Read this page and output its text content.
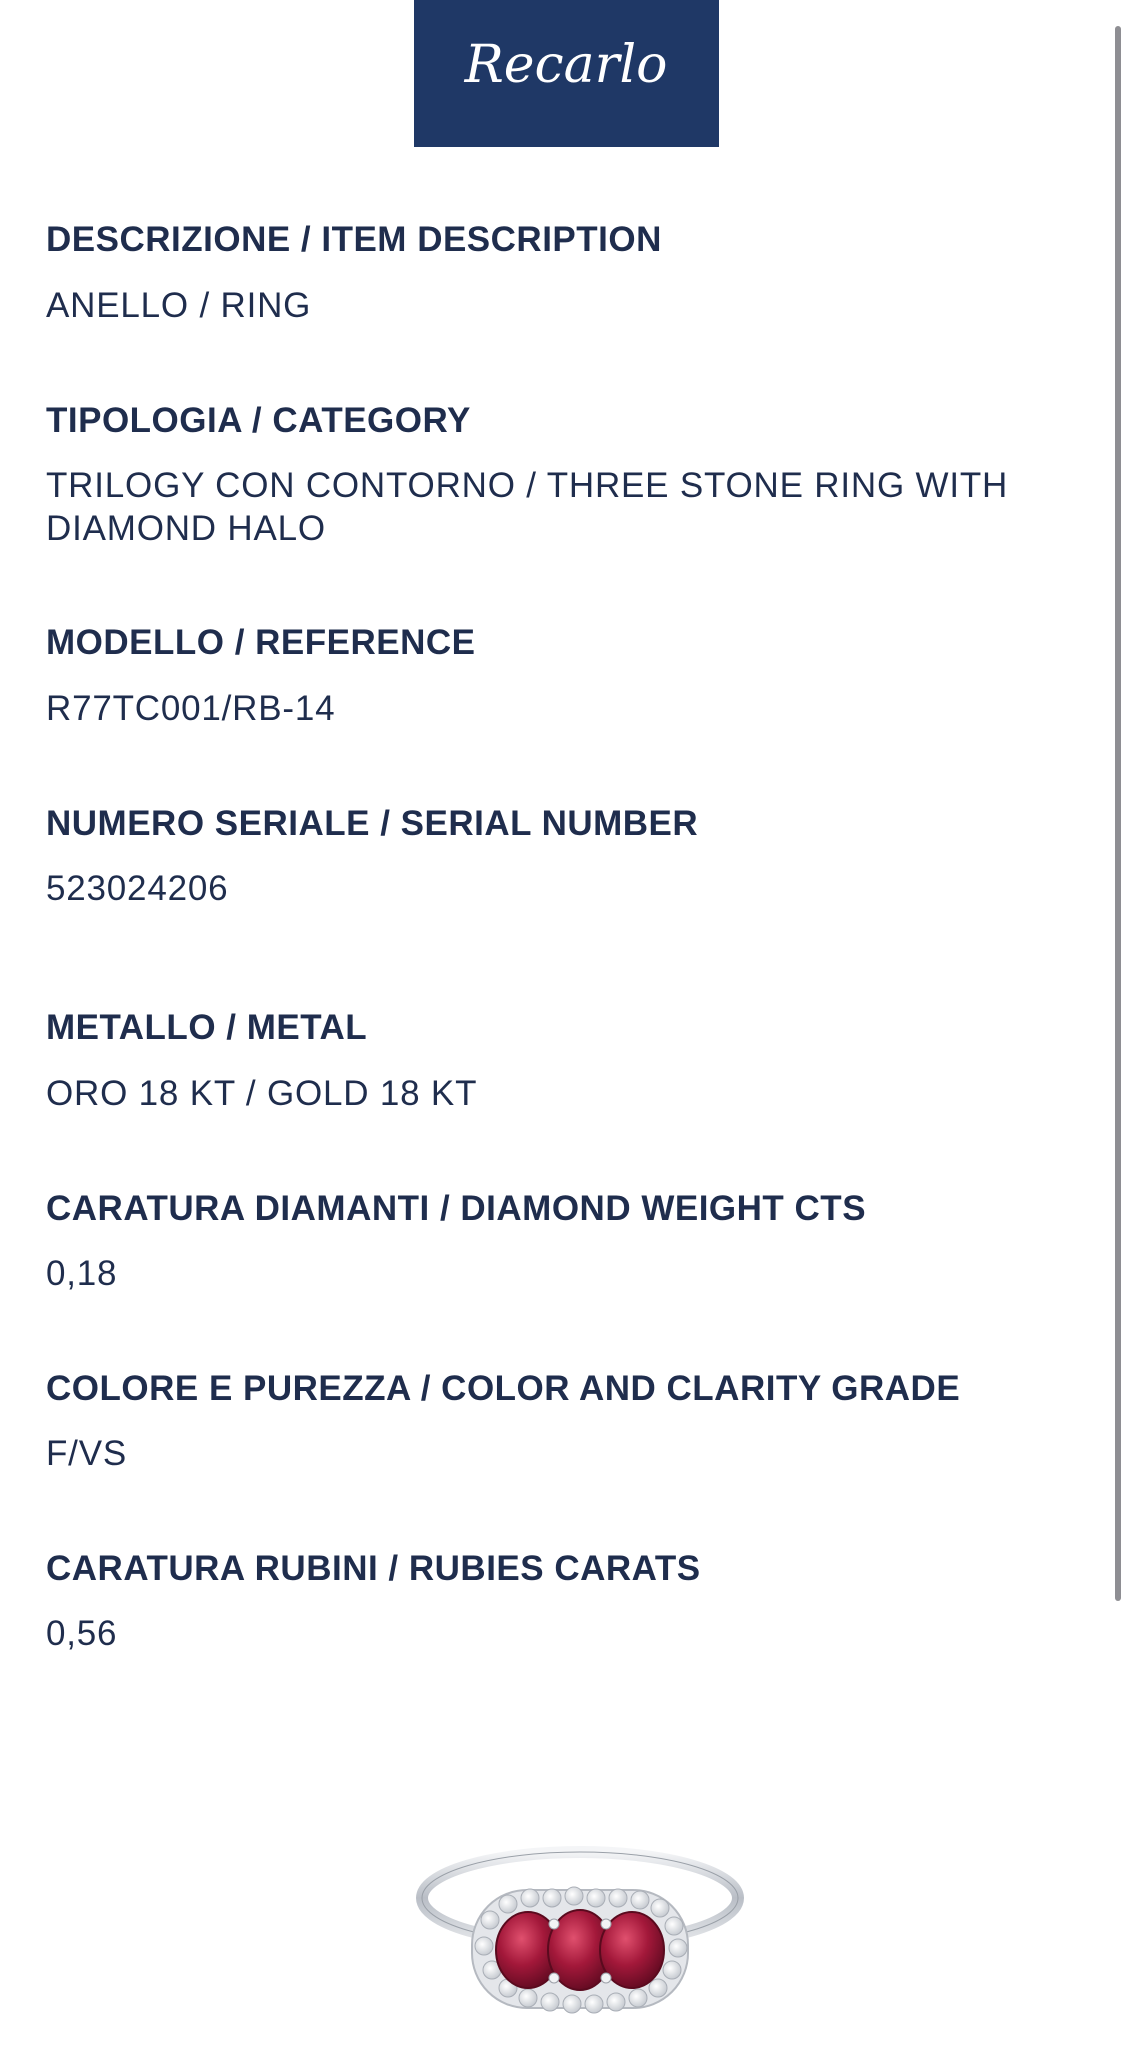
Recarlo
DESCRIZIONE / ITEM DESCRIPTION
ANELLO / RING
TIPOLOGIA / CATEGORY
TRILOGY CON CONTORNO / THREE STONE RING WITH DIAMOND HALO
MODELLO / REFERENCE
R77TC001/RB-14
NUMERO SERIALE / SERIAL NUMBER
523024206
METALLO / METAL
ORO 18 KT / GOLD 18 KT
CARATURA DIAMANTI / DIAMOND WEIGHT CTS
0,18
COLORE E PUREZZA / COLOR AND CLARITY GRADE
F/VS
CARATURA RUBINI / RUBIES CARATS
0,56
